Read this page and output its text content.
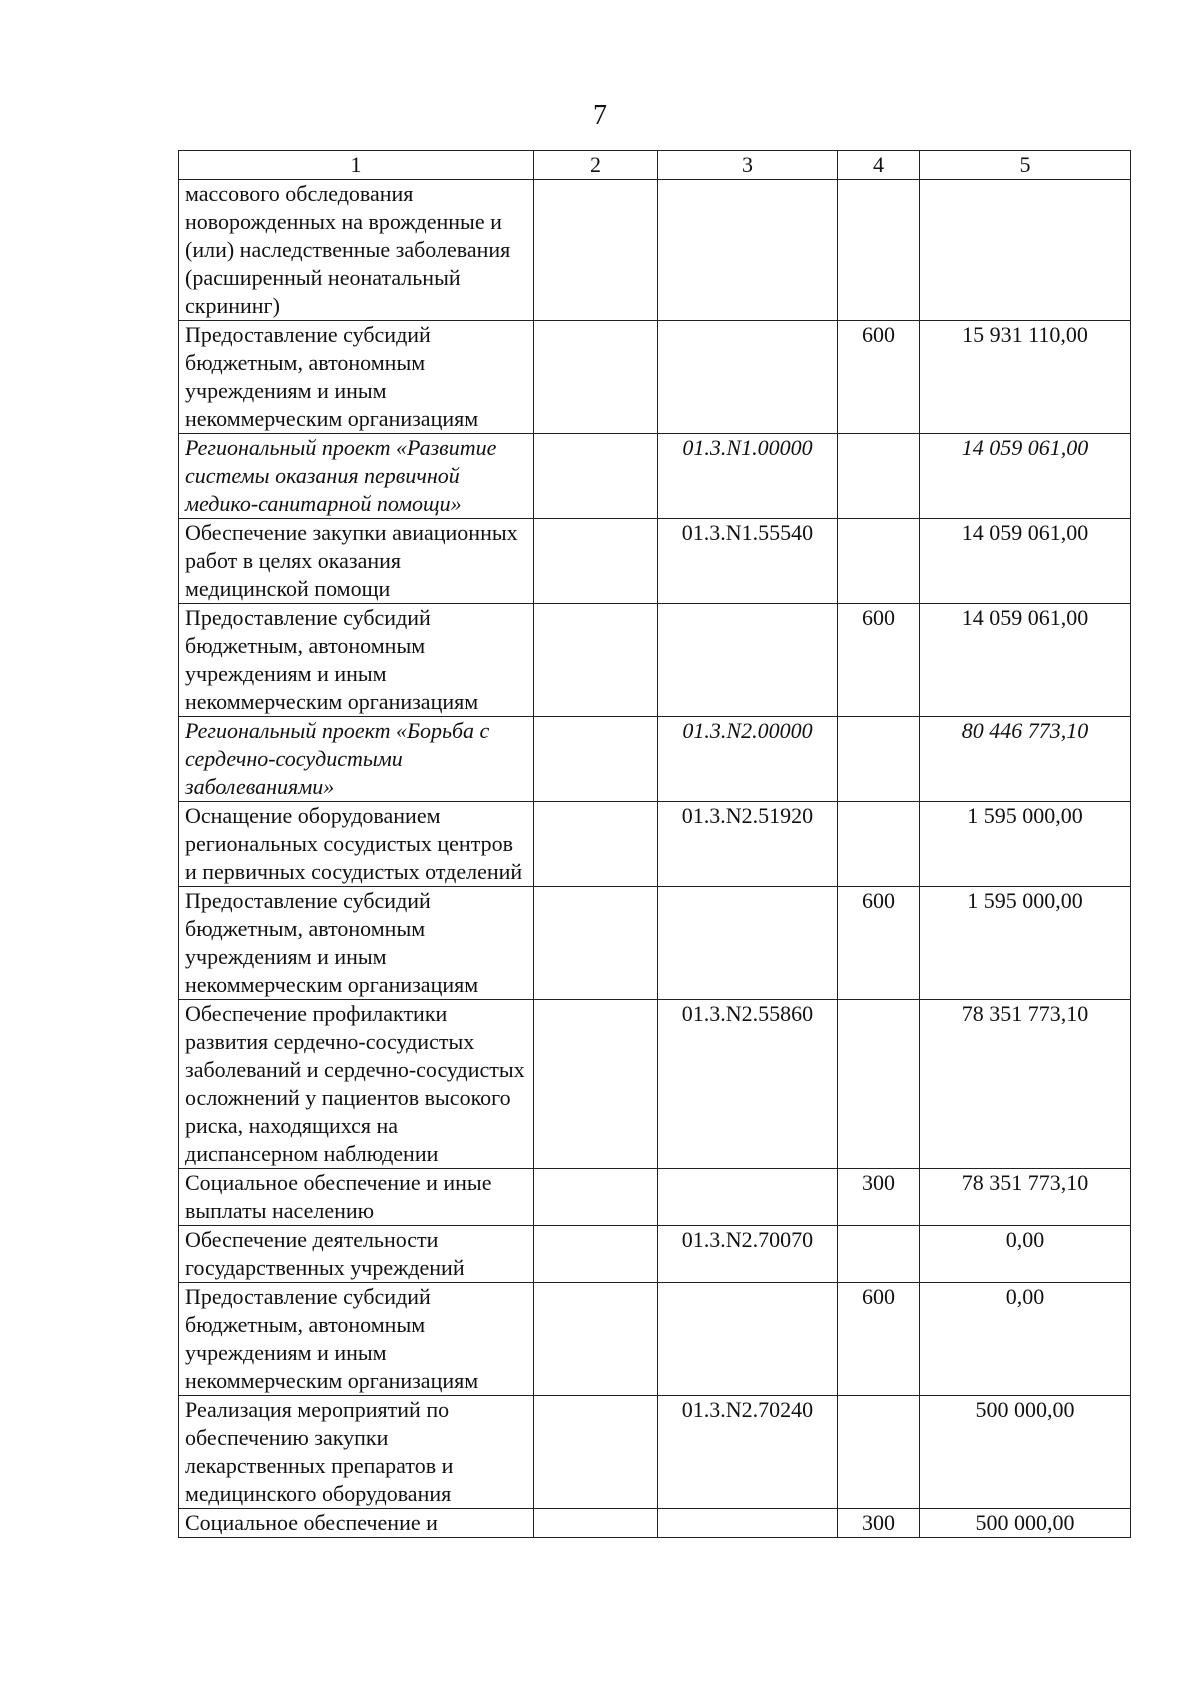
7
1	2	3	4	5
массового обследования новорожденных на врожденные и (или) наследственные заболевания (расширенный неонатальный скрининг)				
Предоставление субсидий бюджетным, автономным учреждениям и иным некоммерческим организациям			600	15 931 110,00
Региональный проект «Развитие системы оказания первичной медико-санитарной помощи»		01.3.N1.00000		14 059 061,00
Обеспечение закупки авиационных работ в целях оказания медицинской помощи		01.3.N1.55540		14 059 061,00
Предоставление субсидий бюджетным, автономным учреждениям и иным некоммерческим организациям			600	14 059 061,00
Региональный проект «Борьба с сердечно-сосудистыми заболеваниями»		01.3.N2.00000		80 446 773,10
Оснащение оборудованием региональных сосудистых центров и первичных сосудистых отделений		01.3.N2.51920		1 595 000,00
Предоставление субсидий бюджетным, автономным учреждениям и иным некоммерческим организациям			600	1 595 000,00
Обеспечение профилактики развития сердечно-сосудистых заболеваний и сердечно-сосудистых осложнений у пациентов высокого риска, находящихся на диспансерном наблюдении		01.3.N2.55860		78 351 773,10
Социальное обеспечение и иные выплаты населению			300	78 351 773,10
Обеспечение деятельности государственных учреждений		01.3.N2.70070		0,00
Предоставление субсидий бюджетным, автономным учреждениям и иным некоммерческим организациям			600	0,00
Реализация мероприятий по обеспечению закупки лекарственных препаратов и медицинского оборудования		01.3.N2.70240		500 000,00
Социальное обеспечение и			300	500 000,00
